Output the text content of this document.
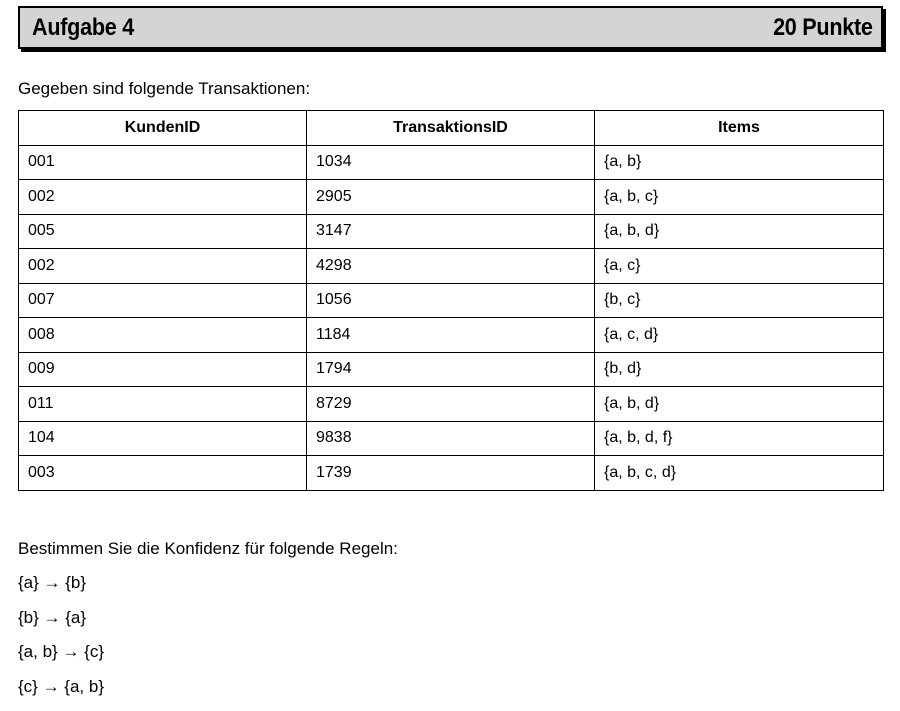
Aufgabe 4	20 Punkte
Gegeben sind folgende Transaktionen:
KundenID	TransaktionsID	Items
001	1034	{a, b}
002	2905	{a, b, c}
005	3147	{a, b, d}
002	4298	{a, c}
007	1056	{b, c}
008	1184	{a, c, d}
009	1794	{b, d}
011	8729	{a, b, d}
104	9838	{a, b, d, f}
003	1739	{a, b, c, d}
Bestimmen Sie die Konfidenz für folgende Regeln:
{a} → {b}
{b} → {a}
{a, b} → {c}
{c} → {a, b}
